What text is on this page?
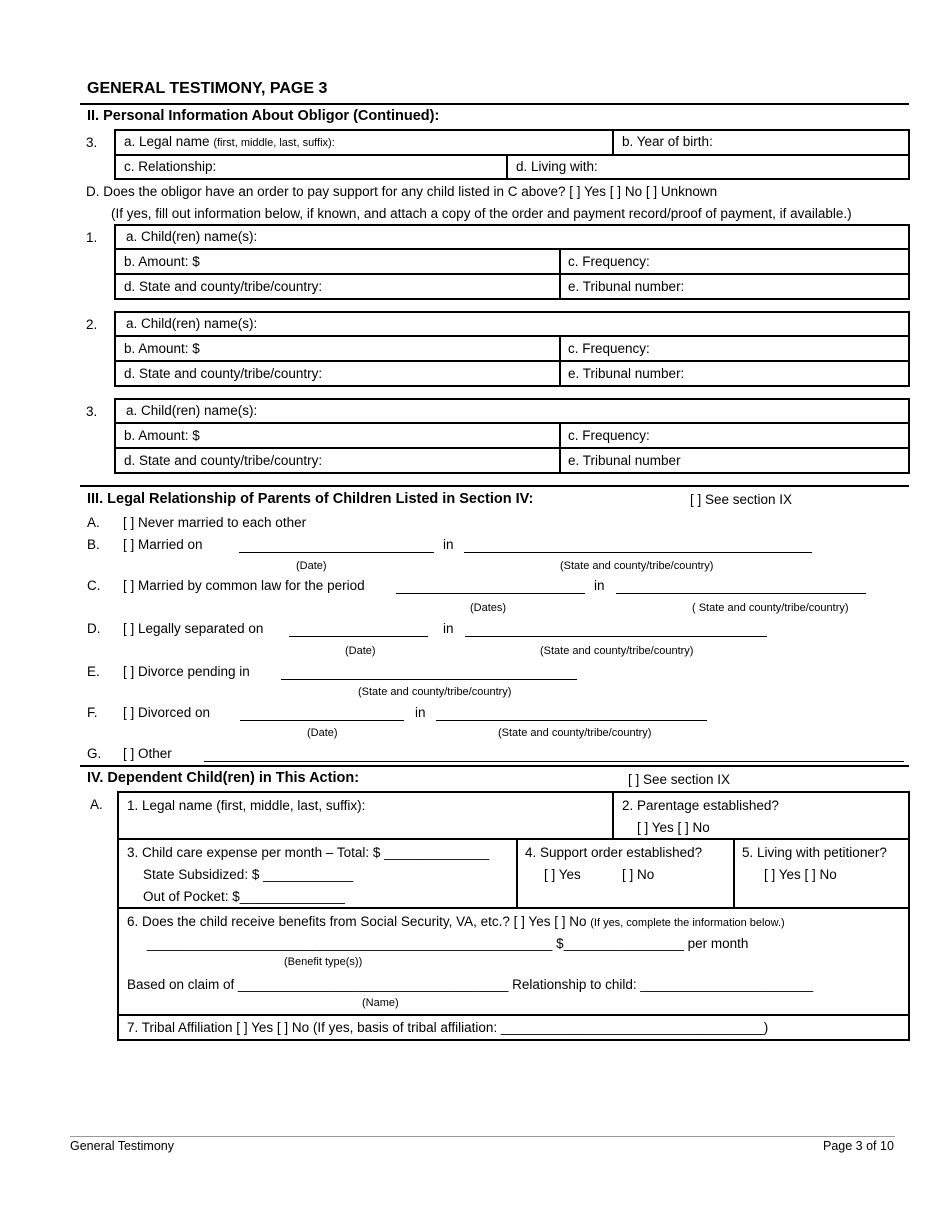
GENERAL TESTIMONY, PAGE 3
II. Personal Information About Obligor (Continued):
3.	a. Legal name (first, middle, last, suffix):	b. Year of birth:
c. Relationship:	d. Living with:
D. Does the obligor have an order to pay support for any child listed in C above? [ ] Yes [ ] No [ ] Unknown
(If yes, fill out information below, if known, and attach a copy of the order and payment record/proof of payment, if available.)
1.	a. Child(ren) name(s):
b. Amount: $	c. Frequency:
d. State and county/tribe/country:	e. Tribunal number:
2.	a. Child(ren) name(s):
b. Amount: $	c. Frequency:
d. State and county/tribe/country:	e. Tribunal number:
3.	a. Child(ren) name(s):
b. Amount: $	c. Frequency:
d. State and county/tribe/country:	e. Tribunal number
III. Legal Relationship of Parents of Children Listed in Section IV:	[ ] See section IX
A. [ ] Never married to each other
B. [ ] Married on	in
(Date)	(State and county/tribe/country)
C. [ ] Married by common law for the period	in
(Dates)	( State and county/tribe/country)
D. [ ] Legally separated on	in
(Date)	(State and county/tribe/country)
E. [ ] Divorce pending in
(State and county/tribe/country)
F. [ ] Divorced on	in
(Date)	(State and county/tribe/country)
G. [ ] Other
IV. Dependent Child(ren) in This Action:	[ ] See section IX
A.	1. Legal name (first, middle, last, suffix):	2. Parentage established?
[ ] Yes [ ] No
3. Child care expense per month – Total: $ ______________
State Subsidized: $ ____________
Out of Pocket: $______________
4. Support order established?
[ ] Yes	[ ] No
5. Living with petitioner?
[ ] Yes [ ] No
6. Does the child receive benefits from Social Security, VA, etc.? [ ] Yes [ ] No (If yes, complete the information below.)
______________________________________________________ $________________ per month
(Benefit type(s))
Based on claim of ____________________________________ Relationship to child: _______________________
(Name)
7. Tribal Affiliation [ ] Yes [ ] No (If yes, basis of tribal affiliation: ___________________________________)
General Testimony	Page 3 of 10
